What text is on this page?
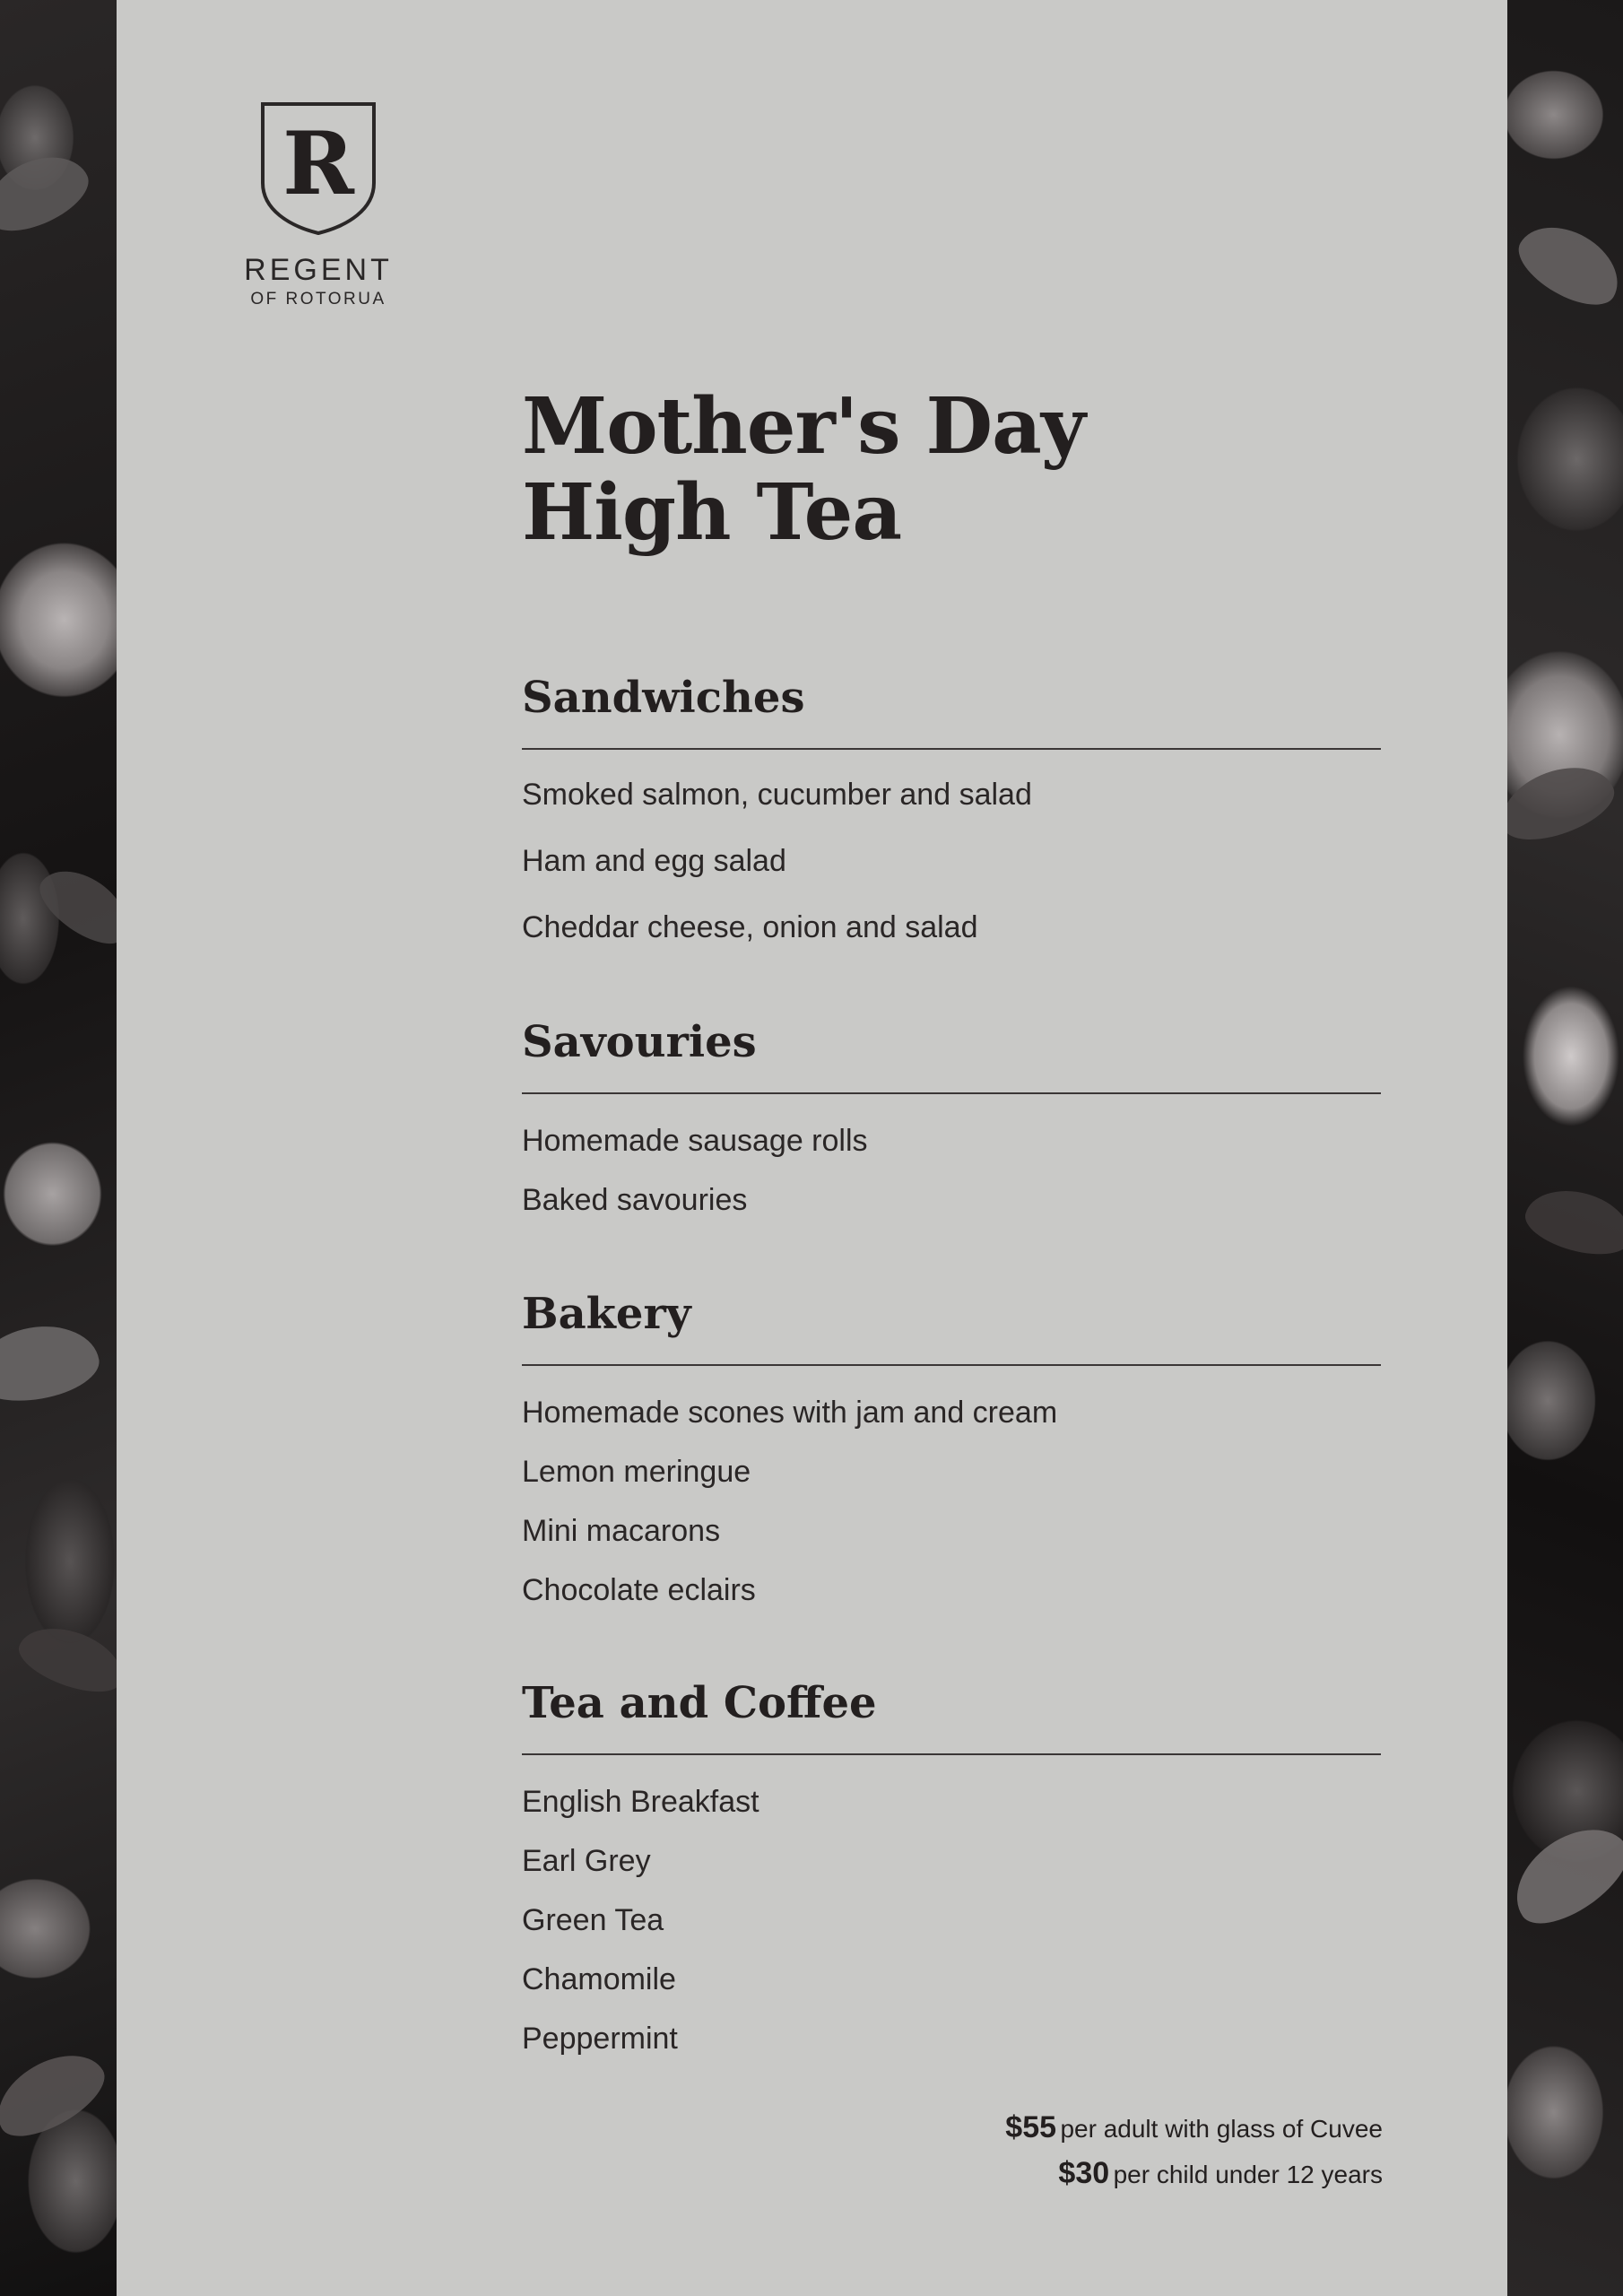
R
REGENT
OF ROTORUA
Mother's Day
High Tea
Sandwiches
Smoked salmon, cucumber and salad
Ham and egg salad
Cheddar cheese, onion and salad
Savouries
Homemade sausage rolls
Baked savouries
Bakery
Homemade scones with jam and cream
Lemon meringue
Mini macarons
Chocolate eclairs
Tea and Coffee
English Breakfast
Earl Grey
Green Tea
Chamomile
Peppermint
$55 per adult with glass of Cuvee
$30 per child under 12 years
